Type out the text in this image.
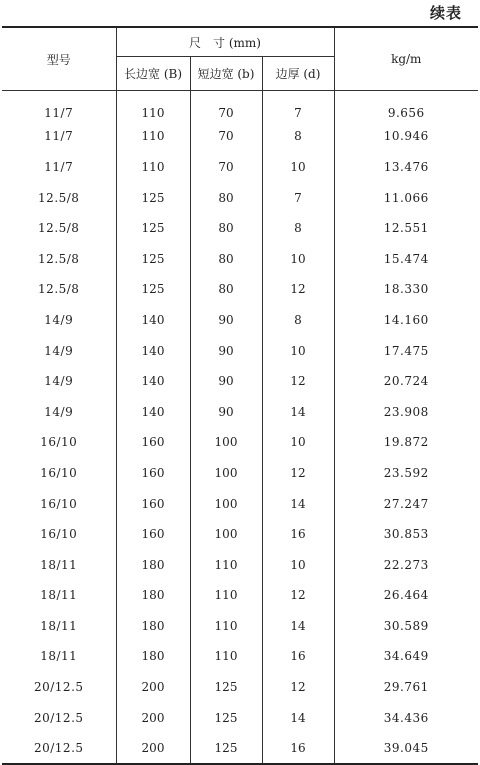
续表
型号	尺　寸 (mm)			kg/m
	长边宽 (B)	短边宽 (b)	边厚 (d)	
11/7	110	70	7	9.656
11/7	110	70	8	10.946
11/7	110	70	10	13.476
12.5/8	125	80	7	11.066
12.5/8	125	80	8	12.551
12.5/8	125	80	10	15.474
12.5/8	125	80	12	18.330
14/9	140	90	8	14.160
14/9	140	90	10	17.475
14/9	140	90	12	20.724
14/9	140	90	14	23.908
16/10	160	100	10	19.872
16/10	160	100	12	23.592
16/10	160	100	14	27.247
16/10	160	100	16	30.853
18/11	180	110	10	22.273
18/11	180	110	12	26.464
18/11	180	110	14	30.589
18/11	180	110	16	34.649
20/12.5	200	125	12	29.761
20/12.5	200	125	14	34.436
20/12.5	200	125	16	39.045
